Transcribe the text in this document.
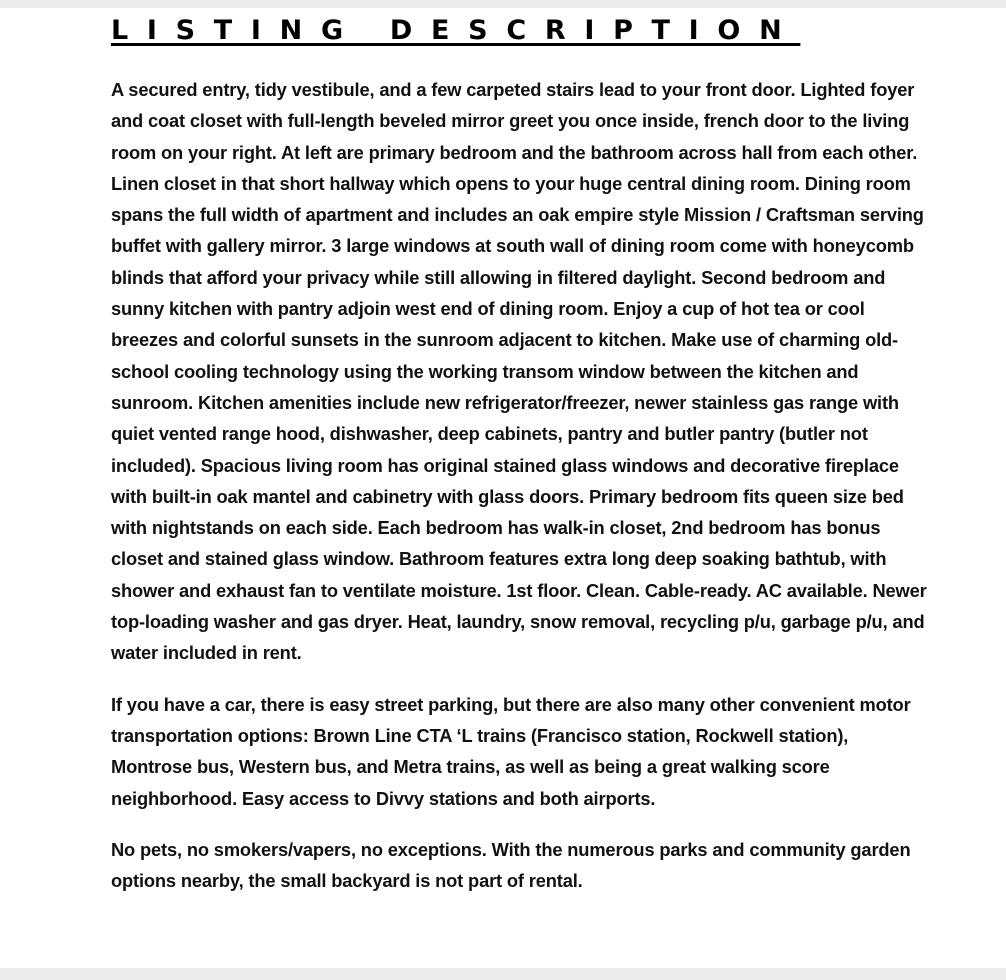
LISTING DESCRIPTION

A secured entry, tidy vestibule, and a few carpeted stairs lead to your front door. Lighted foyer and coat closet with full-length beveled mirror greet you once inside, french door to the living room on your right. At left are primary bedroom and the bathroom across hall from each other. Linen closet in that short hallway which opens to your huge central dining room. Dining room spans the full width of apartment and includes an oak empire style Mission / Craftsman serving buffet with gallery mirror. 3 large windows at south wall of dining room come with honeycomb blinds that afford your privacy while still allowing in filtered daylight. Second bedroom and sunny kitchen with pantry adjoin west end of dining room. Enjoy a cup of hot tea or cool breezes and colorful sunsets in the sunroom adjacent to kitchen. Make use of charming old-school cooling technology using the working transom window between the kitchen and sunroom. Kitchen amenities include new refrigerator/freezer, newer stainless gas range with quiet vented range hood, dishwasher, deep cabinets, pantry and butler pantry (butler not included). Spacious living room has original stained glass windows and decorative fireplace with built-in oak mantel and cabinetry with glass doors. Primary bedroom fits queen size bed with nightstands on each side. Each bedroom has walk-in closet, 2nd bedroom has bonus closet and stained glass window. Bathroom features extra long deep soaking bathtub, with shower and exhaust fan to ventilate moisture. 1st floor. Clean. Cable-ready. AC available. Newer top-loading washer and gas dryer. Heat, laundry, snow removal, recycling p/u, garbage p/u, and water included in rent.

If you have a car, there is easy street parking, but there are also many other convenient motor transportation options: Brown Line CTA ‘L trains (Francisco station, Rockwell station), Montrose bus, Western bus, and Metra trains, as well as being a great walking score neighborhood. Easy access to Divvy stations and both airports.

No pets, no smokers/vapers, no exceptions. With the numerous parks and community garden options nearby, the small backyard is not part of rental.
